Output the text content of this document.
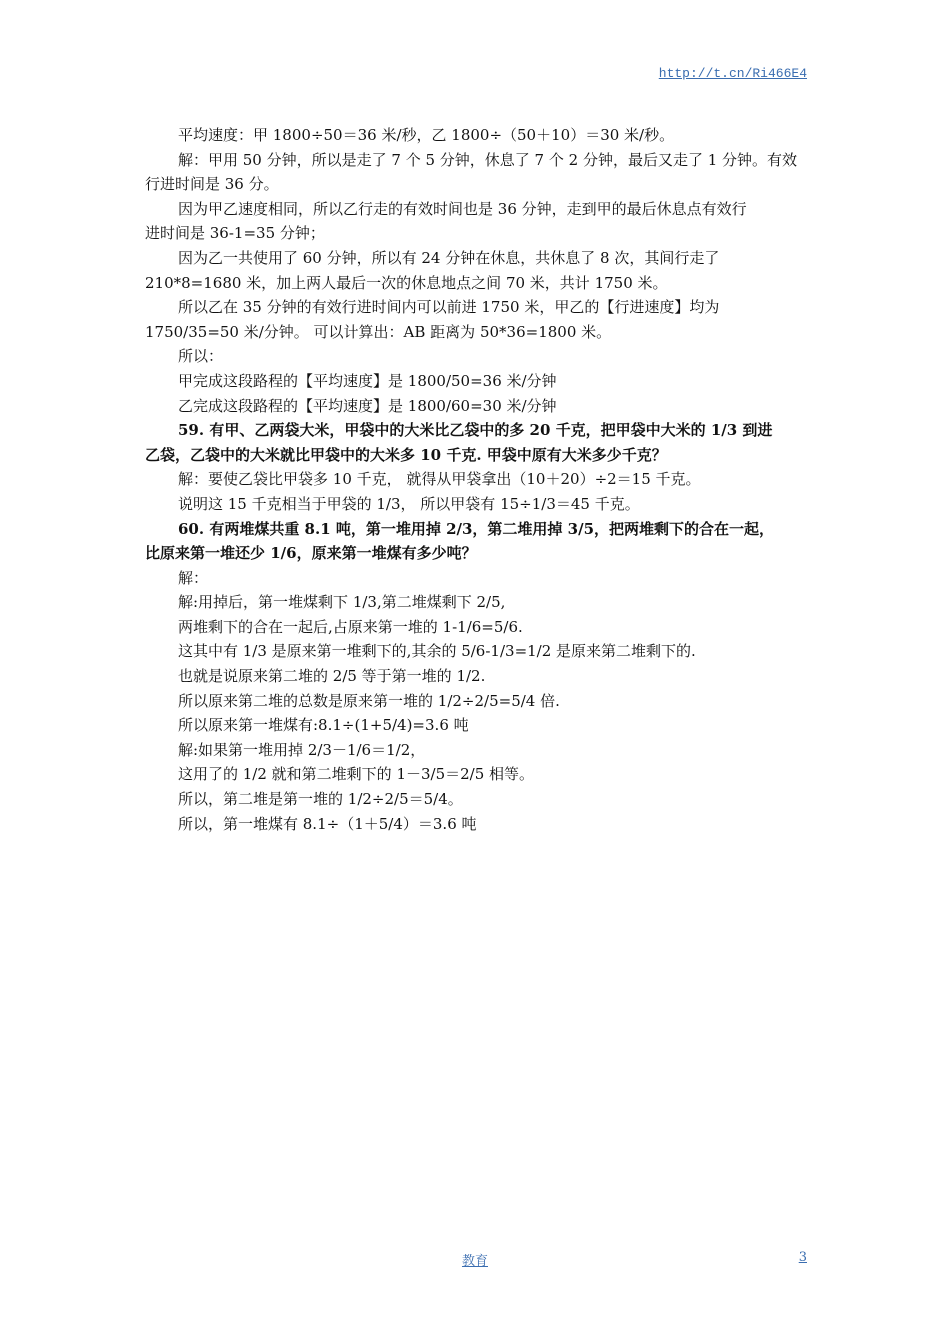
http://t.cn/Ri466E4
平均速度：甲 1800÷50＝36 米/秒，乙 1800÷（50＋10）＝30 米/秒。
解：甲用 50 分钟，所以是走了 7 个 5 分钟，休息了 7 个 2 分钟，最后又走了 1 分钟。有效
行进时间是 36 分。
因为甲乙速度相同，所以乙行走的有效时间也是 36 分钟，走到甲的最后休息点有效行
进时间是 36-1=35 分钟；
因为乙一共使用了 60 分钟，所以有 24 分钟在休息，共休息了 8 次，其间行走了
210*8=1680 米，加上两人最后一次的休息地点之间 70 米，共计 1750 米。
所以乙在 35 分钟的有效行进时间内可以前进 1750 米，甲乙的【行进速度】均为
1750/35=50 米/分钟。 可以计算出：AB 距离为 50*36=1800 米。
所以：
甲完成这段路程的【平均速度】是 1800/50=36 米/分钟
乙完成这段路程的【平均速度】是 1800/60=30 米/分钟
59. 有甲、乙两袋大米，甲袋中的大米比乙袋中的多 20 千克，把甲袋中大米的 1/3 到进
乙袋，乙袋中的大米就比甲袋中的大米多 10 千克. 甲袋中原有大米多少千克？
解：要使乙袋比甲袋多 10 千克， 就得从甲袋拿出（10＋20）÷2＝15 千克。
说明这 15 千克相当于甲袋的 1/3， 所以甲袋有 15÷1/3＝45 千克。
60. 有两堆煤共重 8.1 吨，第一堆用掉 2/3，第二堆用掉 3/5，把两堆剩下的合在一起，
比原来第一堆还少 1/6，原来第一堆煤有多少吨？
解：
解:用掉后，第一堆煤剩下 1/3,第二堆煤剩下 2/5,
两堆剩下的合在一起后,占原来第一堆的 1-1/6=5/6.
这其中有 1/3 是原来第一堆剩下的,其余的 5/6-1/3=1/2 是原来第二堆剩下的.
也就是说原来第二堆的 2/5 等于第一堆的 1/2.
所以原来第二堆的总数是原来第一堆的 1/2÷2/5=5/4 倍.
所以原来第一堆煤有:8.1÷(1+5/4)=3.6 吨
解:如果第一堆用掉 2/3－1/6＝1/2，
这用了的 1/2 就和第二堆剩下的 1－3/5＝2/5 相等。
所以，第二堆是第一堆的 1/2÷2/5＝5/4。
所以，第一堆煤有 8.1÷（1＋5/4）＝3.6 吨
教育	3
